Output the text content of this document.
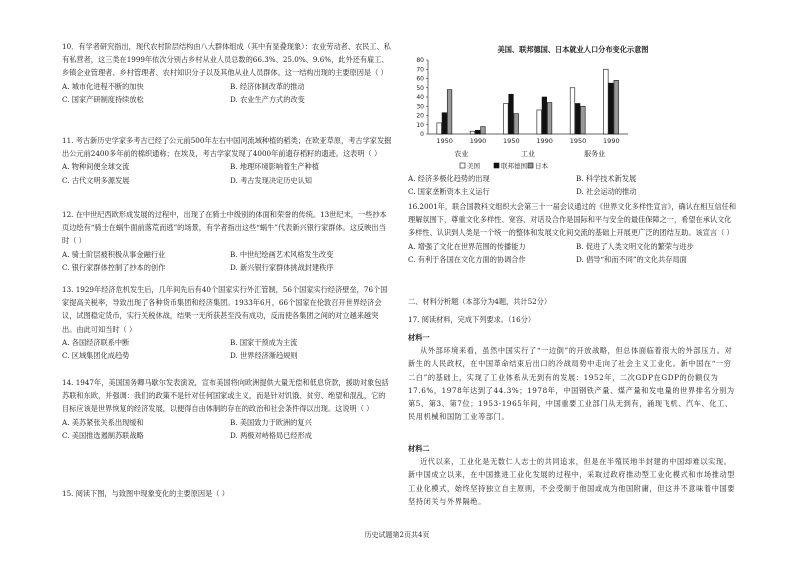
10．有学者研究指出，现代农村阶层结构由八大群体组成（其中有显叠现象）：农业劳动者、农民工、私有私营者，这三类在1999年依次分别占乡村从业人员总数的66.3%、25.0%、9.6%，此外还有雇工、乡镇企业管理者、乡村管理者、农村知识分子以及其他从业人员群体。这一结构出现的主要原因是（ ）

A. 城市化进程不断的加快	B. 经济体制改革的推动
C. 国家产研制度持续放松	D. 农业生产方式的改变

11. 考古新历史学家多考古已经了公元前500年左右中国河流域种植的稻类；在欧亚草原，考古学家发掘出公元前2400多年前的棉织通称；在埃及，考古学家发现了4000年前遗存稻籽的遗迹。这表明（ ）

A. 物种间便全球交流	B. 地理环境影响着生产种植
C. 古代文明多源发展	D. 考古发现决定历史认知

12. 在中世纪西欧形成发展的过程中，出现了在骑士中级别的体面和荣誉的传统。13世纪末，一些抄本页边绘有“骑士在蜗牛面前落荒而逃”的场景，有学者指出这些“蜗牛”代表新兴银行家群体。这反映出当时（ ）

A. 骑士阶层被积极从事金融行业	B. 中世纪绘画艺术风格发生改变
C. 银行家群体控制了抄本的创作	D. 新兴银行家群体挑战封建秩序

13. 1929年经济危机发生后，几年间先后有40个国家实行外汇管制，56个国家实行经济壁垒，76个国家提高关税率，导致出现了各种货币集团和经济集团。1933年6月，66个国家在伦敦召开世界经济会议，试图稳定货币，实行关税休战，结果一无所获甚至没有成功，反而使各集团之间的对立越来越突出。由此可知当时（ ）

A. 各国经济联系中断	B. 国家干预成为主流
C. 区域集团化成趋势	D. 世界经济渐趋规则

14. 1947年，美国国务卿马歇尔发表演说，宣布美国将向欧洲提供大量无偿和低息贷款，援助对象包括苏联和东欧，并强调：我们的政策不是针对任何国家或主义，而是针对饥饿、贫穷、绝望和混乱，它的目标应该是世界恢复的经济发展，以便得自由体制的存在的政治和社会条件得以出现。这说明（ ）

A. 美苏紧张关系出现缓和	B. 美国致力于欧洲的复兴
C. 美国推选遏制苏联战略	D. 两极对峙格局已经形成

15. 阅读下图，与致图中现象变化的主要原因是（ ）

美国、联邦德国、日本就业人口分布变化示意图
0
10
20
30
40
50
60
70
80
1950	1990	1950	1990	1950	1990
农业	工业	服务业
美国	联邦德国 日本
A. 经济多极化趋势的出现	B. 科学技术新发展
C. 国家垄断资本主义运行	D. 社会运动的推动

16.2001年，联合国教科文组织大会第三十一届会议通过的《世界文化多样性宣言》，确认在相互信任和理解氛围下，尊重文化多样性、宽容、对话及合作是国际和平与安全的最佳保障之一，希望在承认文化多样性、认识到人类是一个统一的整体和发展文化间交流的基础上开展更广泛的团结互助。该宣言（ ）

A. 增强了文化在世界范围的传播能力	B. 促进了人类文明文化的繁荣与进步
C. 有利于各国在文化方面的协调合作	D. 倡导“和而不同”的文化共存局面

二、材料分析题（本部分为4题，共计52分）

17. 阅读材料，完成下列要求。（16分）

材料一

从外部环境来看，虽然中国实行了“一边倒”的开放战略，但总体面临着很大的外部压力。对新生的人民政权，在中国革命结束后出口的冷战局势中走向了社会主义工业化。新中国在“一穷二白”的基础上，实现了工业体系从无到有的发展：1952年，二次GDP在GDP的份额仅为17.6%，1978年达到了44.3%；1978年，中国钢铁产量、煤产量和发电量的世界排名分别为第5、第3、第7位；1953-1965年间，中国重要工业部门从无到有，涌现飞机、汽车、化工、民用机械和国防工业等部门。

材料二

近代以来，工业化是无数仁人志士的共同追求，但是在半殖民地半封建的中国却难以实现。新中国成立以来，在中国推进工业化发展的过程中，采取过政府推动型工业化模式和市场推动型工业化模式，始终坚持独立自主原则，不会受制于他国或成为他国附庸，但这并不意味着中国要坚持闭关与外界隔绝。

历史试题第2页共4页
